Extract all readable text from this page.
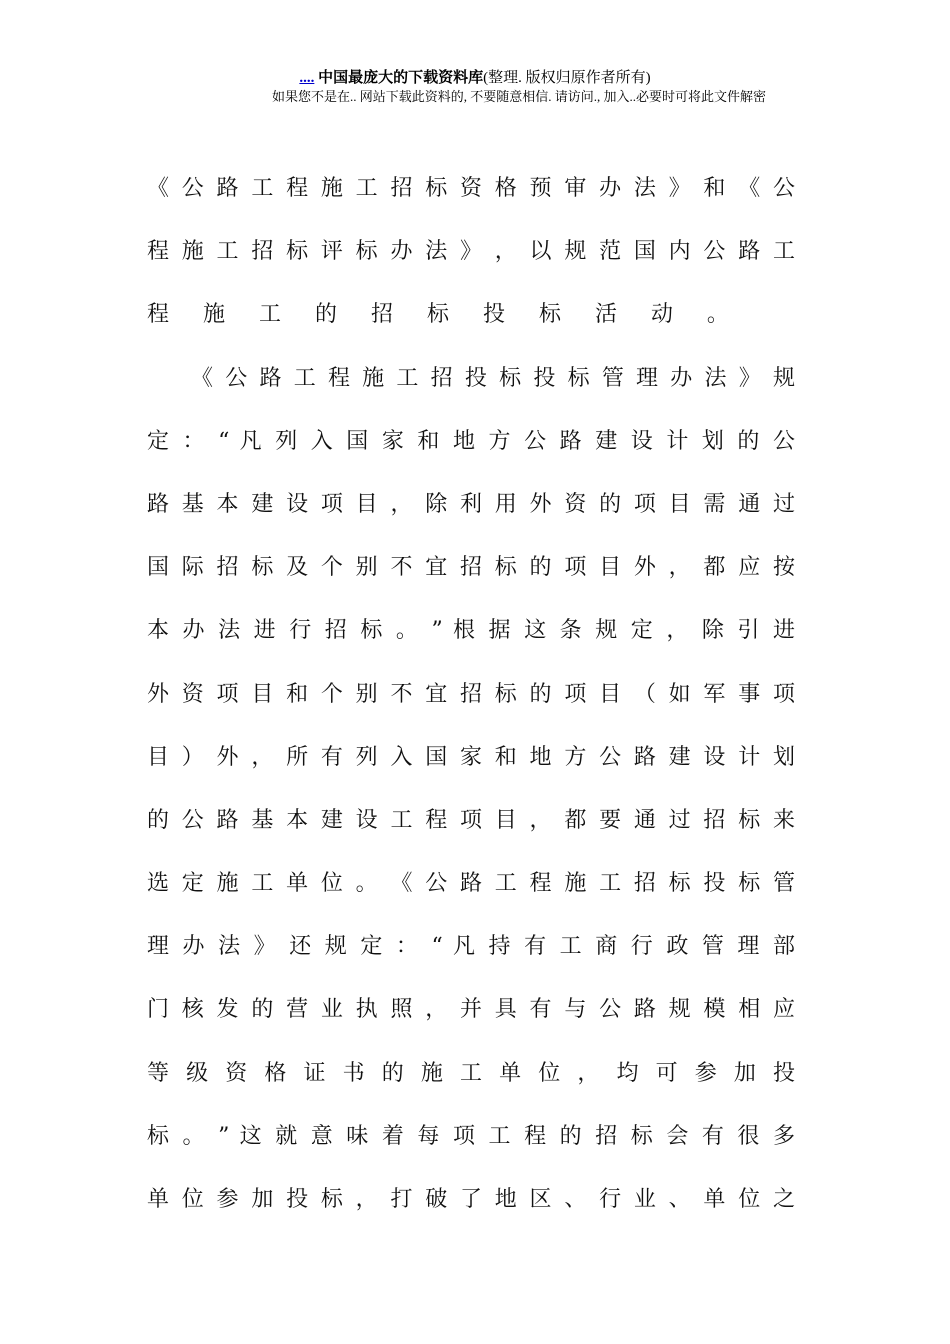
.... 中国最庞大的下载资料库(整理. 版权归原作者所有)
如果您不是在.. 网站下载此资料的, 不要随意相信. 请访问., 加入..必要时可将此文件解密
《 公 路 工 程 施 工 招 标 资 格 预 审 办 法 》 和 《 公
程 施 工 招 标 评 标 办 法 》 ， 以 规 范 国 内 公 路 工
程 施 工 的 招 标 投 标 活 动 。
《 公 路 工 程 施 工 招 投 标 投 标 管 理 办 法 》 规
定 ： “ 凡 列 入 国 家 和 地 方 公 路 建 设 计 划 的 公
路 基 本 建 设 项 目 ， 除 利 用 外 资 的 项 目 需 通 过
国 际 招 标 及 个 别 不 宜 招 标 的 项 目 外 ， 都 应 按
本 办 法 进 行 招 标 。 ” 根 据 这 条 规 定 ， 除 引 进
外 资 项 目 和 个 别 不 宜 招 标 的 项 目 （ 如 军 事 项
目 ） 外 ， 所 有 列 入 国 家 和 地 方 公 路 建 设 计 划
的 公 路 基 本 建 设 工 程 项 目 ， 都 要 通 过 招 标 来
选 定 施 工 单 位 。 《 公 路 工 程 施 工 招 标 投 标 管
理 办 法 》 还 规 定 ： “ 凡 持 有 工 商 行 政 管 理 部
门 核 发 的 营 业 执 照 ， 并 具 有 与 公 路 规 模 相 应
等 级 资 格 证 书 的 施 工 单 位 ， 均 可 参 加 投
标 。 ” 这 就 意 味 着 每 项 工 程 的 招 标 会 有 很 多
单 位 参 加 投 标 ， 打 破 了 地 区 、 行 业 、 单 位 之
